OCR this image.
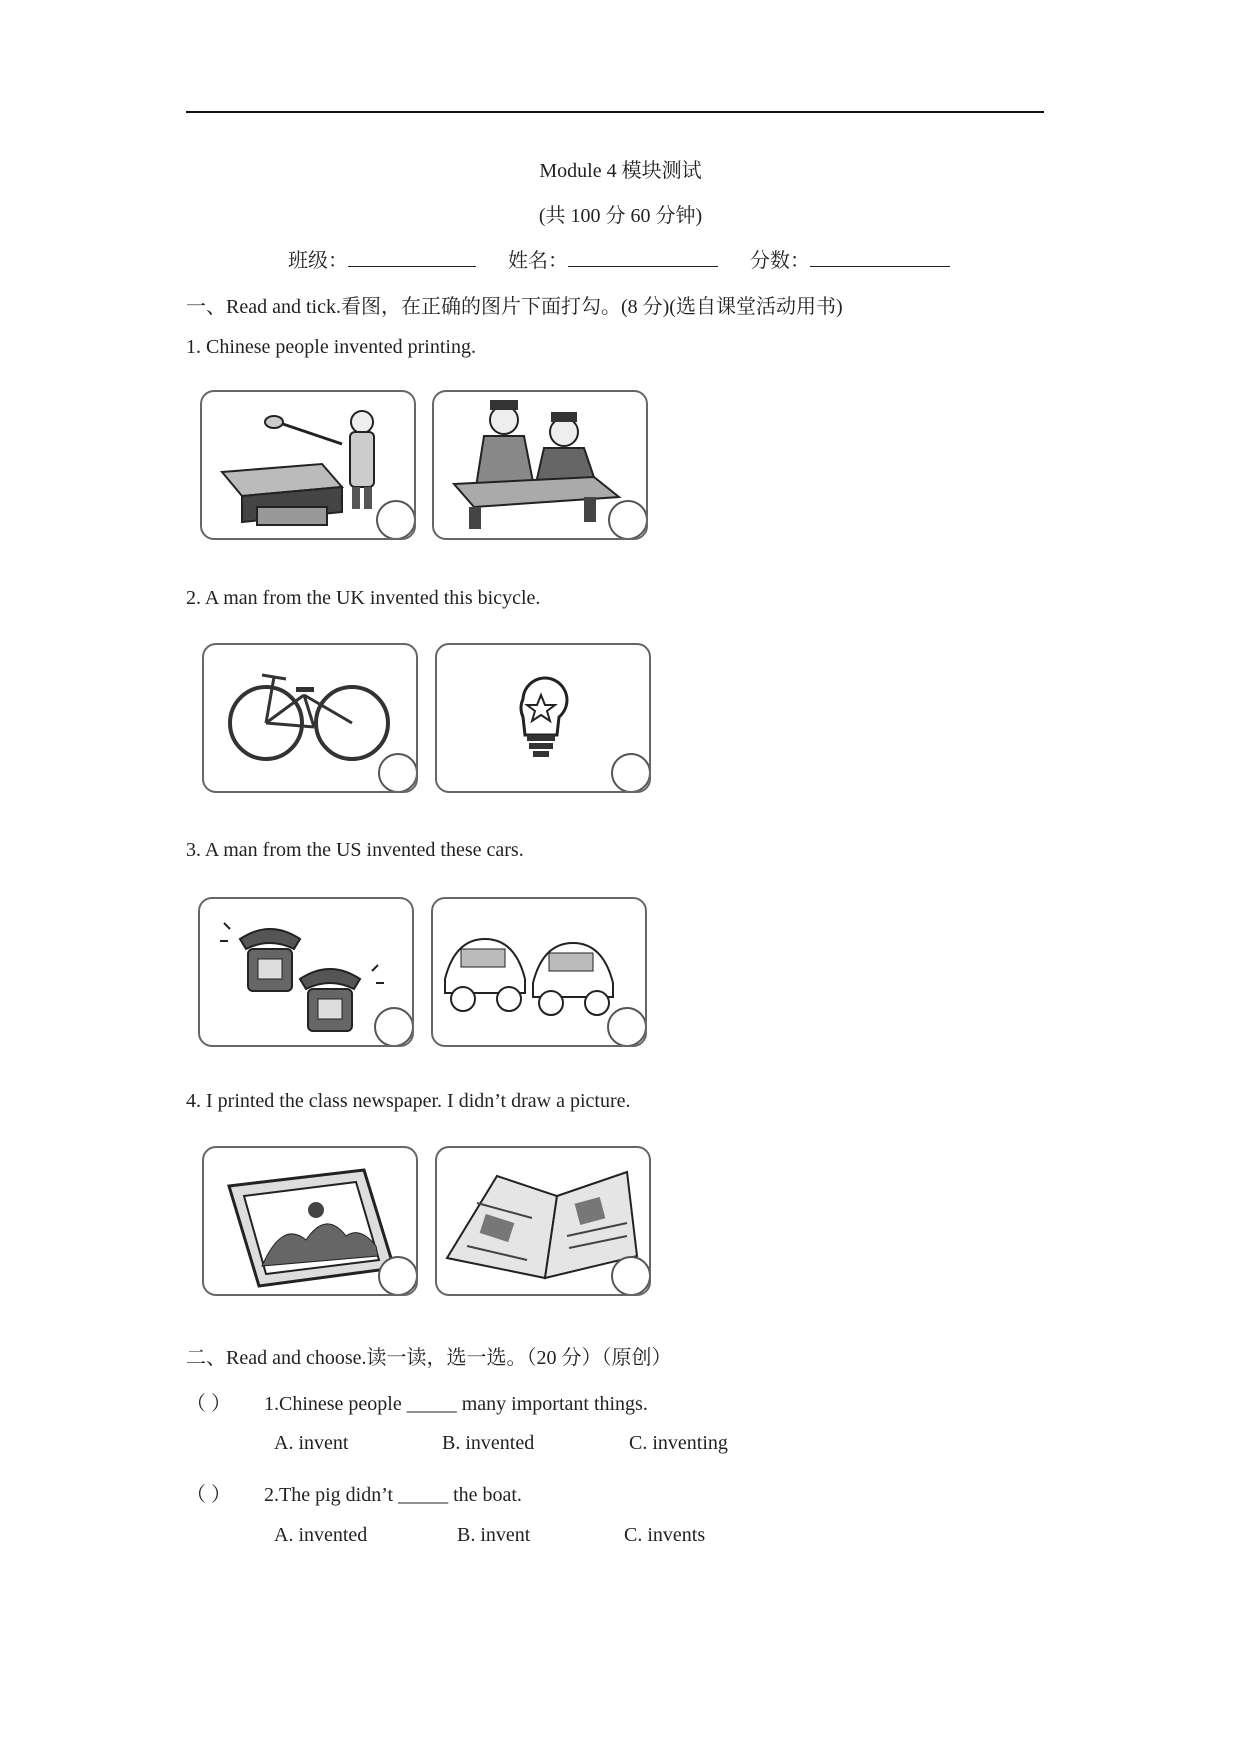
Module 4 模块测试
(共 100 分 60 分钟)
班级：	姓名：	分数：
一、Read and tick.看图，在正确的图片下面打勾。(8 分)(选自课堂活动用书)
1. Chinese people invented printing.
2. A man from the UK invented this bicycle.
3. A man from the US invented these cars.
4. I printed the class newspaper. I didn’t draw a picture.
二、Read and choose.读一读，选一选。（20 分）（原创）
（ ） 1.Chinese people _____ many important things.
A. invent	B. invented	C. inventing
（ ） 2.The pig didn’t _____ the boat.
A. invented	B. invent	C. invents
